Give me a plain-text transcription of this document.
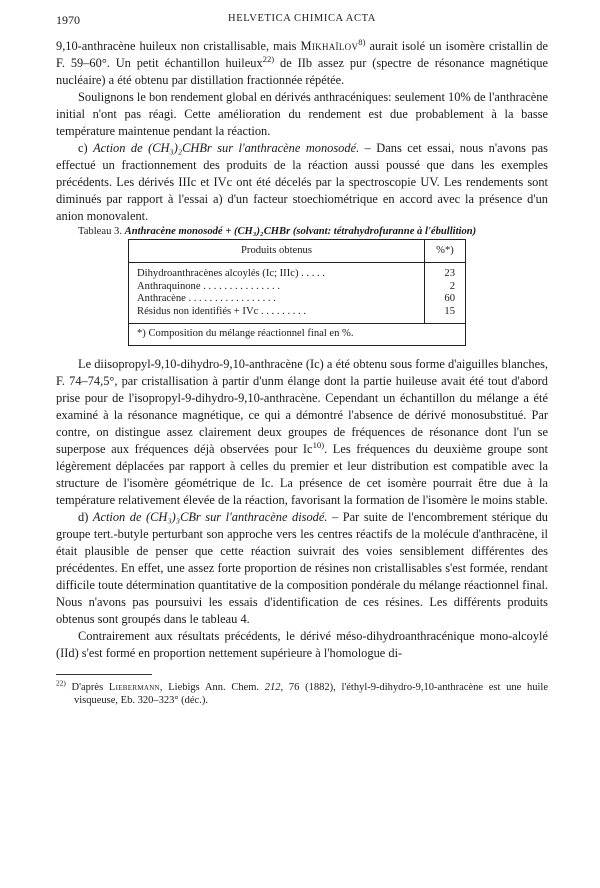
1970	HELVETICA CHIMICA ACTA

9,10-anthracène huileux non cristallisable, mais Mikhaïlov$^{8)}$ aurait isolé un isomère cristallin de F. 59–60°. Un petit échantillon huileux$^{22)}$ de IIb assez pur (spectre de résonance magnétique nucléaire) a été obtenu par distillation fractionnée répétée.

Soulignons le bon rendement global en dérivés anthracéniques: seulement 10% de l'anthracène initial n'ont pas réagi. Cette amélioration du rendement est due probablement à la basse température maintenue pendant la réaction.

c) Action de (CH₃)₂CHBr sur l'anthracène monosodé. – Dans cet essai, nous n'avons pas effectué un fractionnement des produits de la réaction aussi poussé que dans les exemples précédents. Les dérivés IIIc et IVc ont été décelés par la spectroscopie UV. Les rendements sont diminués par rapport à l'essai a) d'un facteur stoechiométrique en accord avec la présence d'un anion monovalent.

Tableau 3. Anthracène monosodé + (CH₃)₂CHBr (solvant: tétrahydrofuranne à l'ébullition)

Produits obtenus	%*)
Dihydroanthracènes alcoylés (Ic; IIIc) . . . . .
Anthraquinone . . . . . . . . . . . . . . .
Anthracène . . . . . . . . . . . . . . . . .
Résidus non identifiés + IVc . . . . . . . . .
23
2
60
15
*) Composition du mélange réactionnel final en %.

Le diisopropyl-9,10-dihydro-9,10-anthracène (Ic) a été obtenu sous forme d'aiguilles blanches, F. 74–74,5°, par cristallisation à partir d'unm élange dont la partie huileuse avait été tout d'abord prise pour de l'isopropyl-9-dihydro-9,10-anthracène. Cependant un échantillon du mélange a été examiné à la résonance magnétique, ce qui a démontré l'absence de dérivé monosubstitué. Par contre, on distingue assez clairement deux groupes de fréquences de résonance dont l'un se superpose aux fréquences déjà observées pour Ic$^{10)}$. Les fréquences du deuxième groupe sont légèrement déplacées par rapport à celles du premier et leur distribution est compatible avec la structure de l'isomère géométrique de Ic. La présence de cet isomère pourrait être due à la température relativement élevée de la réaction, favorisant la formation de l'isomère le moins stable.

d) Action de (CH₃)₃CBr sur l'anthracène disodé. – Par suite de l'encombrement stérique du groupe tert.-butyle perturbant son approche vers les centres réactifs de la molécule d'anthracène, il était plausible de penser que cette réaction suivrait des voies sensiblement différentes des précédentes. En effet, une assez forte proportion de résines non cristallisables s'est formée, rendant difficile toute détermination quantitative de la composition pondérale du mélange réactionnel final. Nous n'avons pas poursuivi les essais d'identification de ces résines. Les différents produits obtenus sont groupés dans le tableau 4.

Contrairement aux résultats précédents, le dérivé méso-dihydroanthracénique mono-alcoylé (IId) s'est formé en proportion nettement supérieure à l'homologue di-

$^{22)}$ D'après Liebermann, Liebigs Ann. Chem. 212, 76 (1882), l'éthyl-9-dihydro-9,10-anthracène est une huile visqueuse, Eb. 320–323° (déc.).
